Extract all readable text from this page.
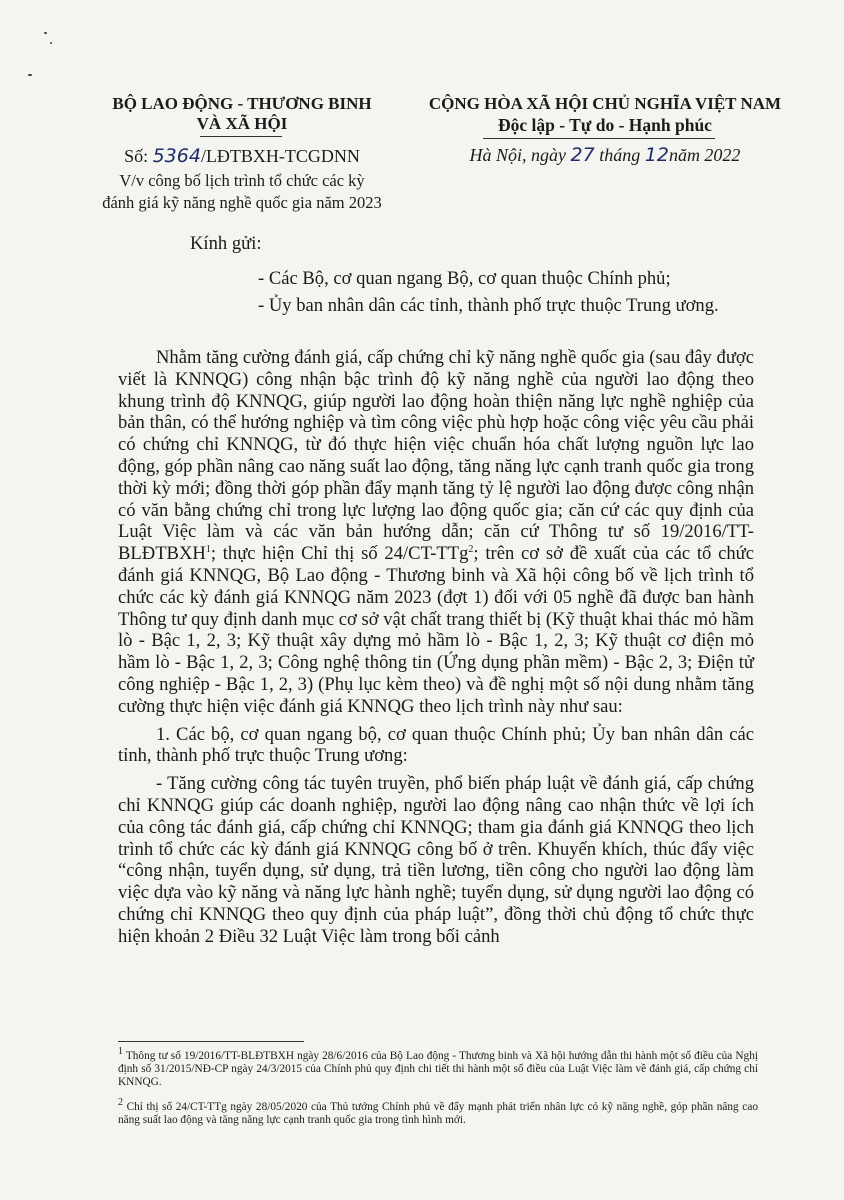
BỘ LAO ĐỘNG - THƯƠNG BINH
VÀ XÃ HỘI
Số: 5364/LĐTBXH-TCGDNN
V/v công bố lịch trình tổ chức các kỳ
đánh giá kỹ năng nghề quốc gia năm 2023
CỘNG HÒA XÃ HỘI CHỦ NGHĨA VIỆT NAM
Độc lập - Tự do - Hạnh phúc
Hà Nội, ngày 27 tháng 12năm 2022
Kính gửi:
- Các Bộ, cơ quan ngang Bộ, cơ quan thuộc Chính phủ;
- Ủy ban nhân dân các tỉnh, thành phố trực thuộc Trung ương.

Nhằm tăng cường đánh giá, cấp chứng chỉ kỹ năng nghề quốc gia (sau đây được viết là KNNQG) công nhận bậc trình độ kỹ năng nghề của người lao động theo khung trình độ KNNQG, giúp người lao động hoàn thiện năng lực nghề nghiệp của bản thân, có thể hướng nghiệp và tìm công việc phù hợp hoặc công việc yêu cầu phải có chứng chỉ KNNQG, từ đó thực hiện việc chuẩn hóa chất lượng nguồn lực lao động, góp phần nâng cao năng suất lao động, tăng năng lực cạnh tranh quốc gia trong thời kỳ mới; đồng thời góp phần đẩy mạnh tăng tỷ lệ người lao động được công nhận có văn bằng chứng chỉ trong lực lượng lao động quốc gia; căn cứ các quy định của Luật Việc làm và các văn bản hướng dẫn; căn cứ Thông tư số 19/2016/TT-BLĐTBXH$^1$; thực hiện Chỉ thị số 24/CT-TTg$^2$; trên cơ sở đề xuất của các tổ chức đánh giá KNNQG, Bộ Lao động - Thương binh và Xã hội công bố về lịch trình tổ chức các kỳ đánh giá KNNQG năm 2023 (đợt 1) đối với 05 nghề đã được ban hành Thông tư quy định danh mục cơ sở vật chất trang thiết bị (Kỹ thuật khai thác mỏ hầm lò - Bậc 1, 2, 3; Kỹ thuật xây dựng mỏ hầm lò - Bậc 1, 2, 3; Kỹ thuật cơ điện mỏ hầm lò - Bậc 1, 2, 3; Công nghệ thông tin (Ứng dụng phần mềm) - Bậc 2, 3; Điện tử công nghiệp - Bậc 1, 2, 3) (Phụ lục kèm theo) và đề nghị một số nội dung nhằm tăng cường thực hiện việc đánh giá KNNQG theo lịch trình này như sau:

1. Các bộ, cơ quan ngang bộ, cơ quan thuộc Chính phủ; Ủy ban nhân dân các tỉnh, thành phố trực thuộc Trung ương:

- Tăng cường công tác tuyên truyền, phổ biến pháp luật về đánh giá, cấp chứng chỉ KNNQG giúp các doanh nghiệp, người lao động nâng cao nhận thức về lợi ích của công tác đánh giá, cấp chứng chỉ KNNQG; tham gia đánh giá KNNQG theo lịch trình tổ chức các kỳ đánh giá KNNQG công bố ở trên. Khuyến khích, thúc đẩy việc “công nhận, tuyển dụng, sử dụng, trả tiền lương, tiền công cho người lao động làm việc dựa vào kỹ năng và năng lực hành nghề; tuyển dụng, sử dụng người lao động có chứng chỉ KNNQG theo quy định của pháp luật”, đồng thời chủ động tổ chức thực hiện khoản 2 Điều 32 Luật Việc làm trong bối cảnh

$^1$ Thông tư số 19/2016/TT-BLĐTBXH ngày 28/6/2016 của Bộ Lao động - Thương binh và Xã hội hướng dẫn thi hành một số điều của Nghị định số 31/2015/NĐ-CP ngày 24/3/2015 của Chính phủ quy định chi tiết thi hành một số điều của Luật Việc làm về đánh giá, cấp chứng chỉ KNNQG.
$^2$ Chỉ thị số 24/CT-TTg ngày 28/05/2020 của Thủ tướng Chính phủ về đẩy mạnh phát triển nhân lực có kỹ năng nghề, góp phần nâng cao năng suất lao động và tăng năng lực cạnh tranh quốc gia trong tình hình mới.
